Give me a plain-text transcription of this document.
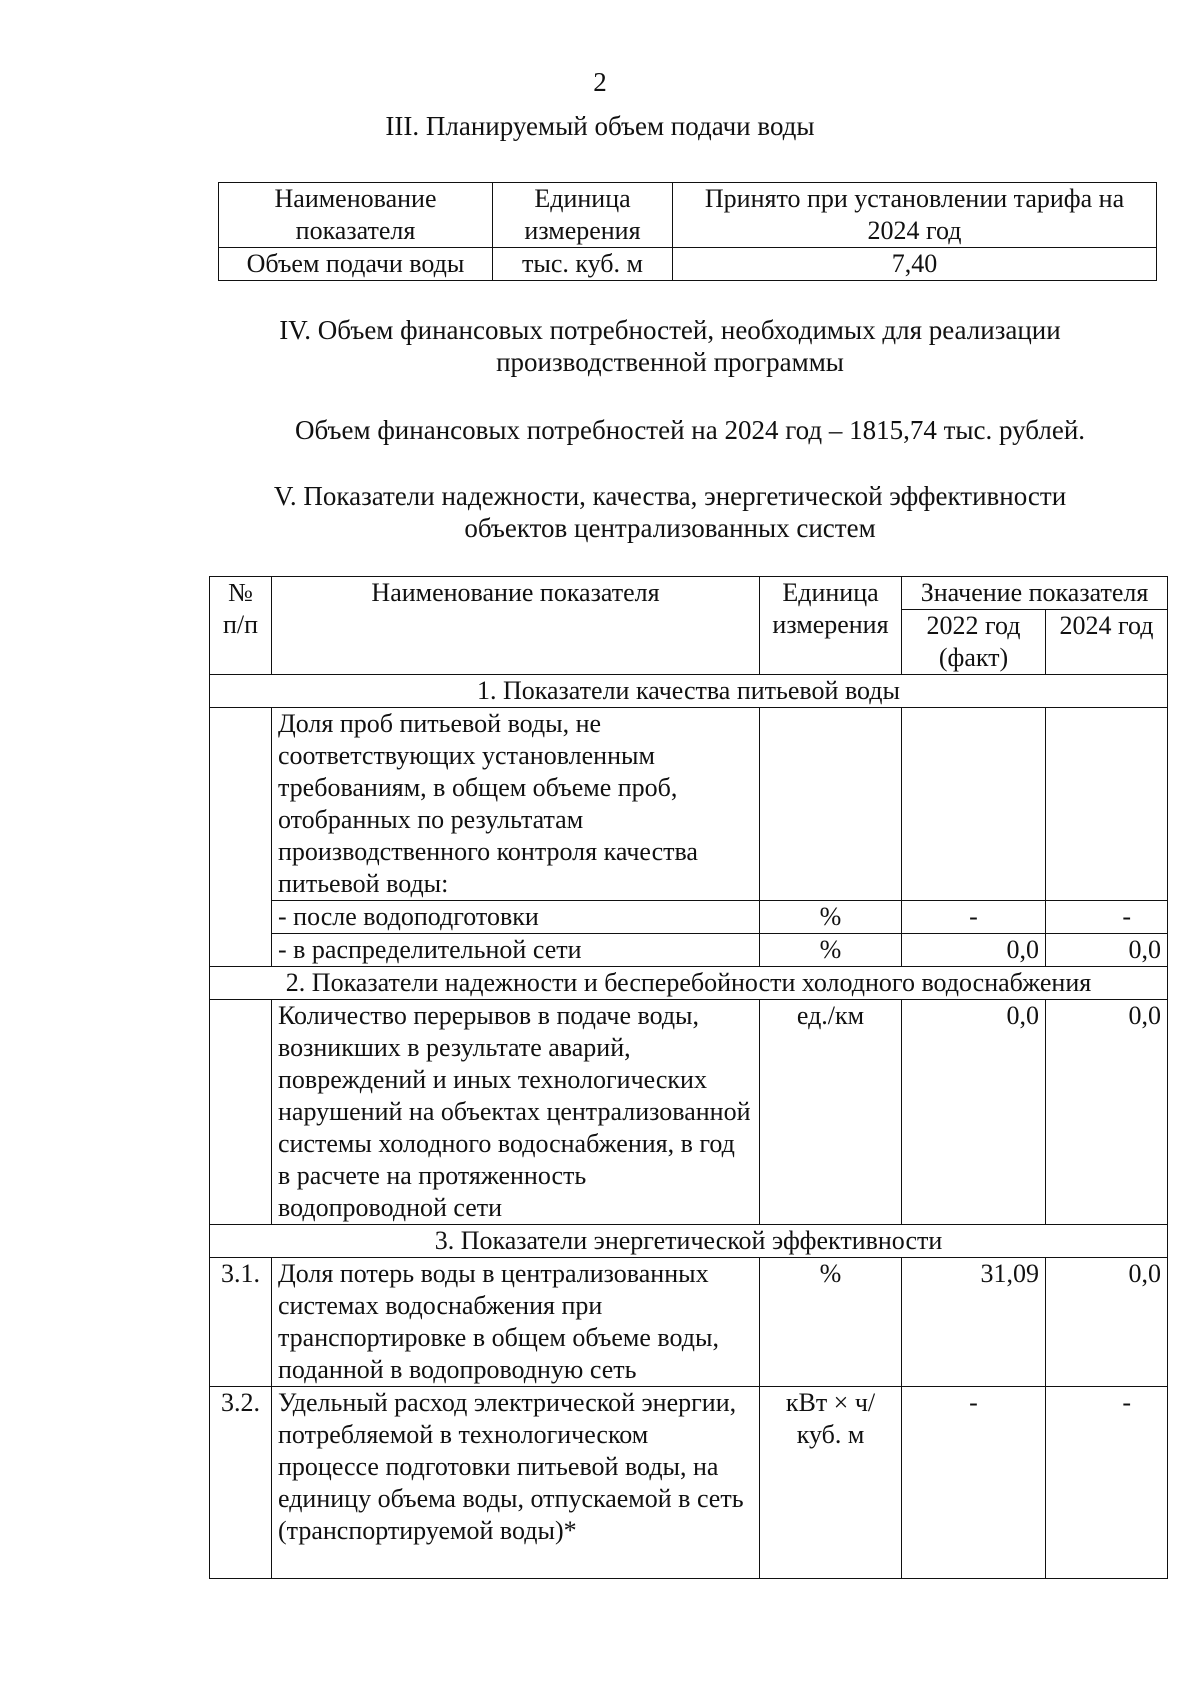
2
III. Планируемый объем подачи воды
Наименование показателя	Единица измерения	Принято при установлении тарифа на 2024 год
Объем подачи воды	тыс. куб. м	7,40
IV. Объем финансовых потребностей, необходимых для реализации производственной программы
Объем финансовых потребностей на 2024 год – 1815,74 тыс. рублей.
V. Показатели надежности, качества, энергетической эффективности объектов централизованных систем
№ п/п	Наименование показателя	Единица измерения	Значение показателя	
			2022 год (факт)	2024 год
1. Показатели качества питьевой воды				
	Доля проб питьевой воды, не соответствующих установленным требованиям, в общем объеме проб, отобранных по результатам производственного контроля качества питьевой воды:			
	- после водоподготовки	%	-	-
	- в распределительной сети	%	0,0	0,0
2. Показатели надежности и бесперебойности холодного водоснабжения				
	Количество перерывов в подаче воды, возникших в результате аварий, повреждений и иных технологических нарушений на объектах централизованной системы холодного водоснабжения, в год в расчете на протяженность водопроводной сети	ед./км	0,0	0,0
3. Показатели энергетической эффективности				
3.1.	Доля потерь воды в централизованных системах водоснабжения при транспортировке в общем объеме воды, поданной в водопроводную сеть	%	31,09	0,0
3.2.	Удельный расход электрической энергии, потребляемой в технологическом процессе подготовки питьевой воды, на единицу объема воды, отпускаемой в сеть (транспортируемой воды)*	кВт × ч/ куб. м	-	-
